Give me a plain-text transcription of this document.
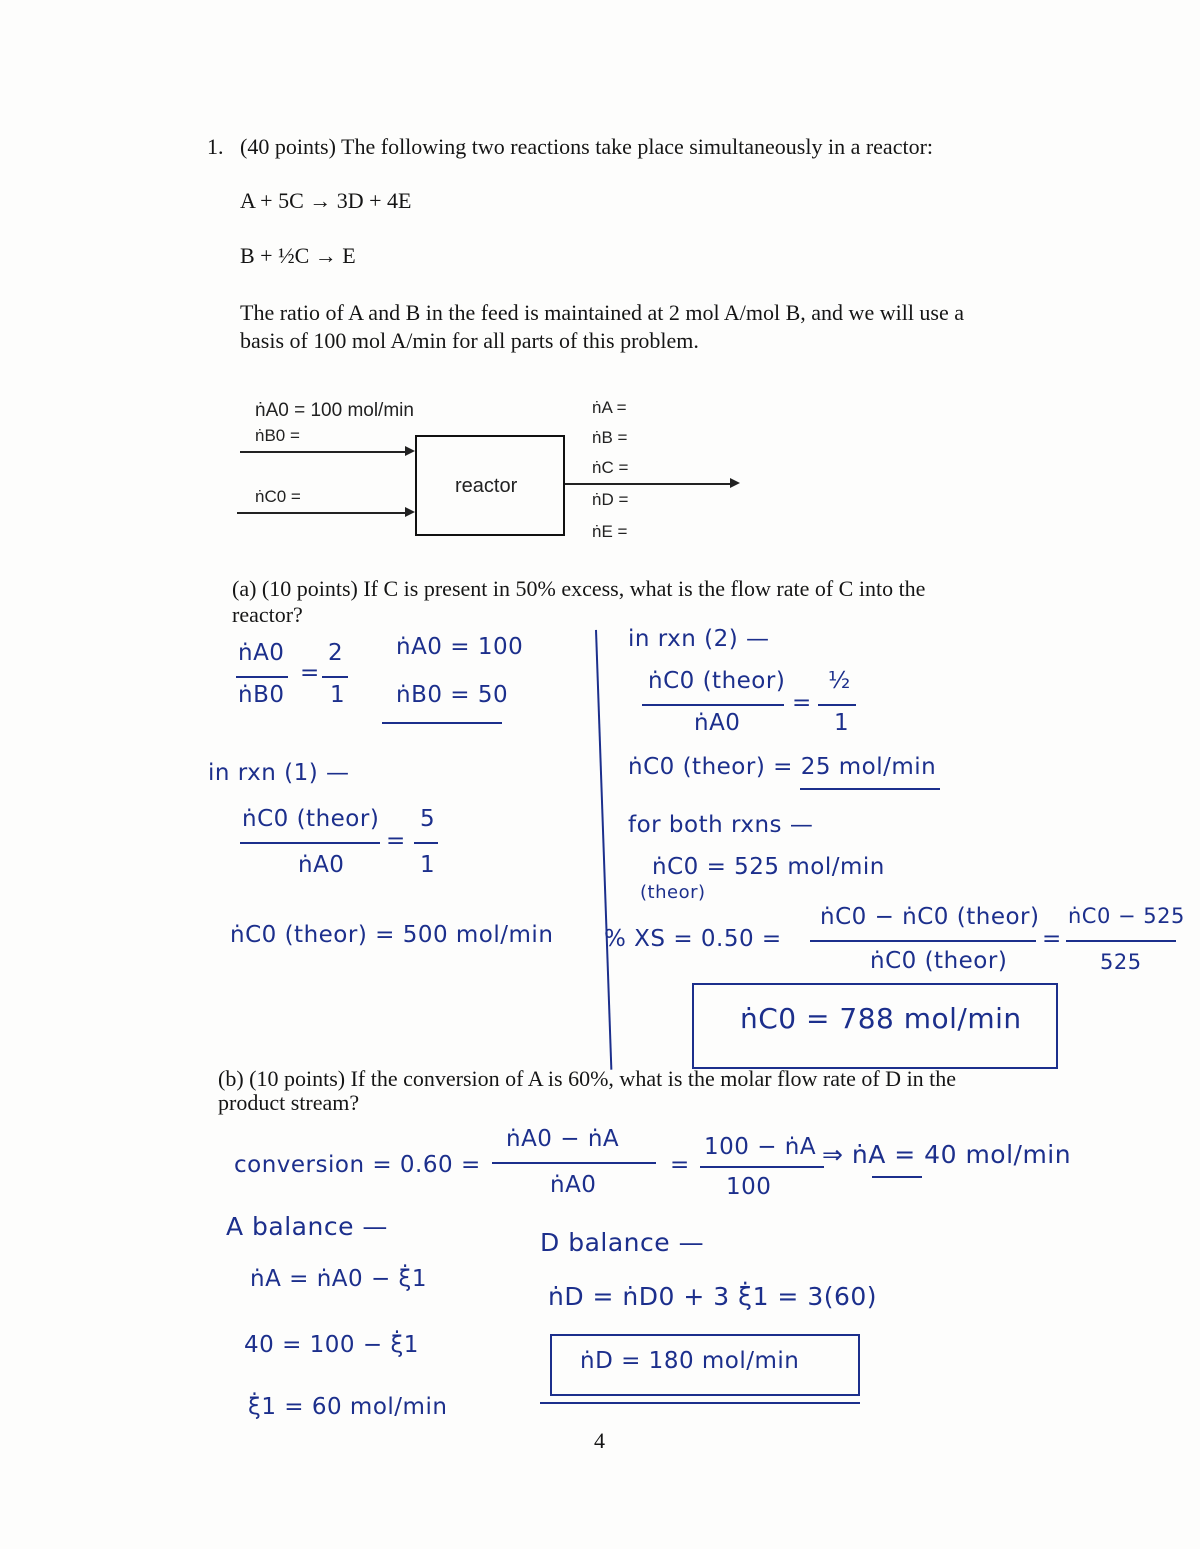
1. (40 points) The following two reactions take place simultaneously in a reactor:
A + 5C → 3D + 4E
B + ½C → E
The ratio of A and B in the feed is maintained at 2 mol A/mol B, and we will use a
basis of 100 mol A/min for all parts of this problem.
ṅA0 = 100 mol/min
ṅB0 =
ṅC0 =	reactor
ṅA =
ṅB =
ṅC =
ṅD =
ṅE =
(a) (10 points) If C is present in 50% excess, what is the flow rate of C into the
reactor?
ṅA0
ṅB0
=
2
1
ṅA0 = 100
ṅB0 = 50
in rxn (1) —
ṅC0 (theor)
ṅA0
=
5
1
ṅC0 (theor) = 500 mol/min
in rxn (2) —
ṅC0 (theor)
ṅA0
=
½
1
ṅC0 (theor) = 25 mol/min
for both rxns —
ṅC0 = 525 mol/min
(theor)
% XS = 0.50 =
ṅC0 − ṅC0 (theor)
ṅC0 (theor)
=
ṅC0 − 525
525
ṅC0 = 788 mol/min
(b) (10 points) If the conversion of A is 60%, what is the molar flow rate of D in the
product stream?
conversion = 0.60 =
ṅA0 − ṅA
ṅA0
=
100 − ṅA
100
⇒ ṅA = 40 mol/min
A balance —
ṅA = ṅA0 − ξ̇1
40 = 100 − ξ̇1
ξ̇1 = 60 mol/min
D balance —
ṅD = ṅD0 + 3 ξ̇1 = 3(60)
ṅD = 180 mol/min
4
